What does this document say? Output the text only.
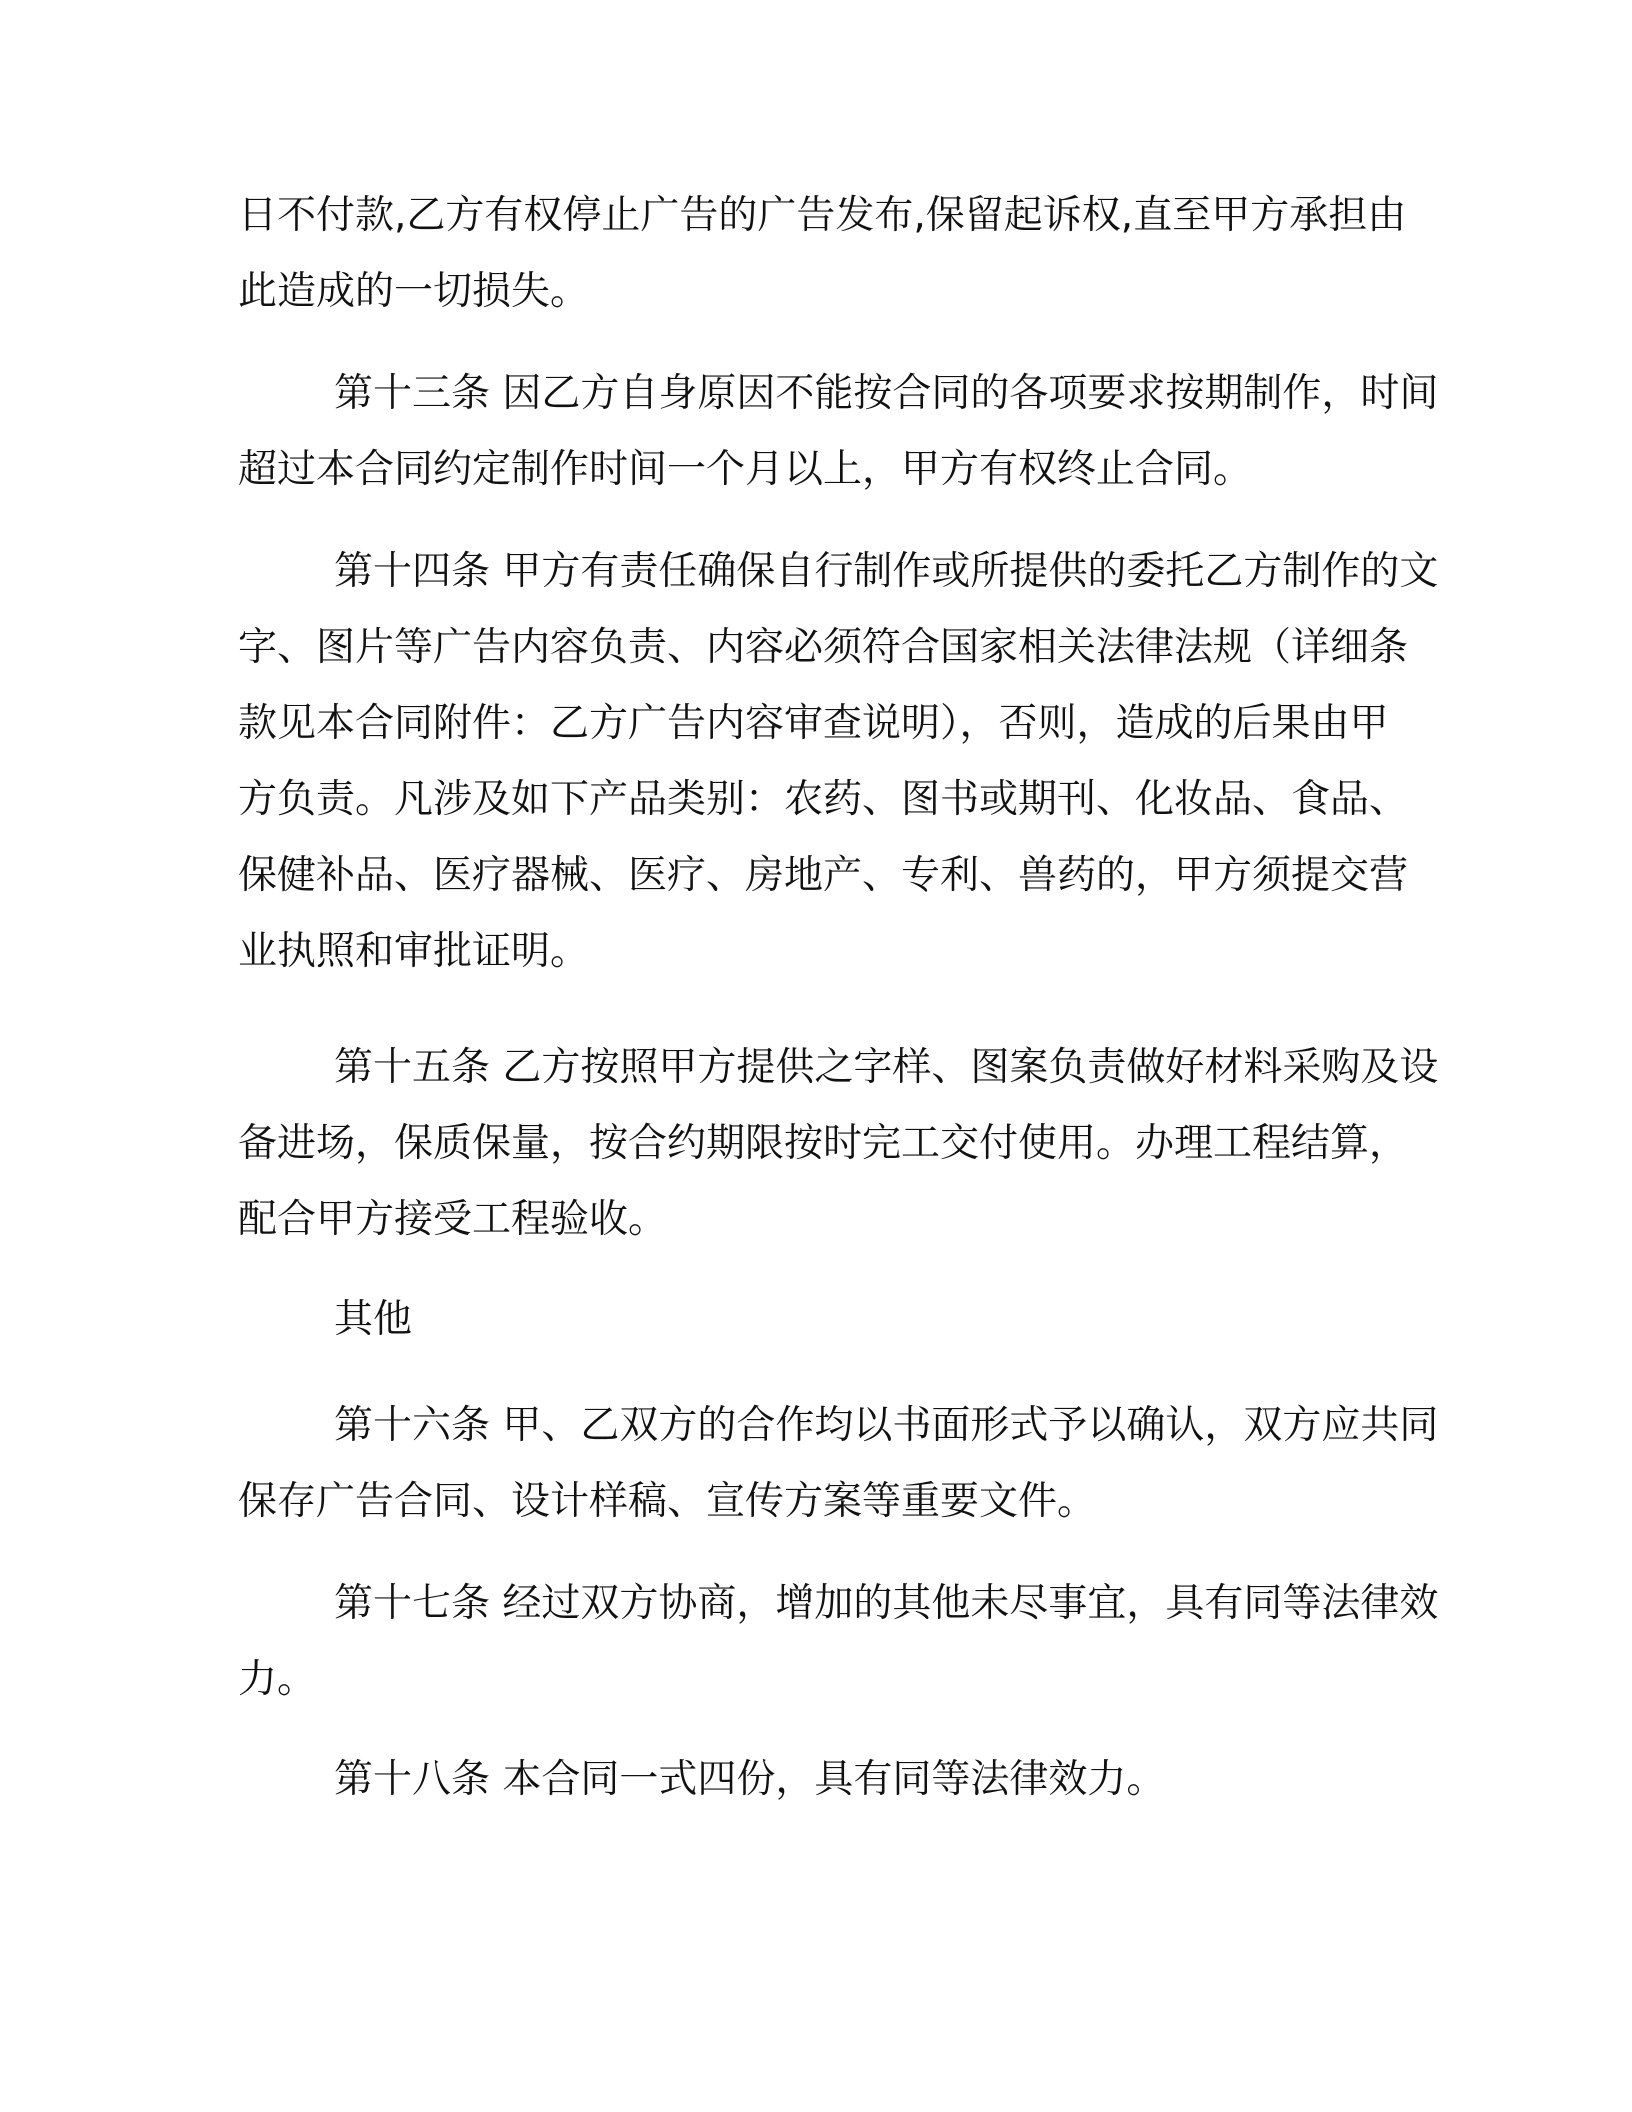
日不付款,乙方有权停止广告的广告发布,保留起诉权,直至甲方承担由
此造成的一切损失。
第十三条 因乙方自身原因不能按合同的各项要求按期制作，时间
超过本合同约定制作时间一个月以上，甲方有权终止合同。
第十四条 甲方有责任确保自行制作或所提供的委托乙方制作的文
字、图片等广告内容负责、内容必须符合国家相关法律法规（详细条
款见本合同附件：乙方广告内容审查说明），否则，造成的后果由甲
方负责。凡涉及如下产品类别：农药、图书或期刊、化妆品、食品、
保健补品、医疗器械、医疗、房地产、专利、兽药的，甲方须提交营
业执照和审批证明。
第十五条 乙方按照甲方提供之字样、图案负责做好材料采购及设
备进场，保质保量，按合约期限按时完工交付使用。办理工程结算，
配合甲方接受工程验收。
其他
第十六条 甲、乙双方的合作均以书面形式予以确认，双方应共同
保存广告合同、设计样稿、宣传方案等重要文件。
第十七条 经过双方协商，增加的其他未尽事宜，具有同等法律效
力。
第十八条 本合同一式四份，具有同等法律效力。
